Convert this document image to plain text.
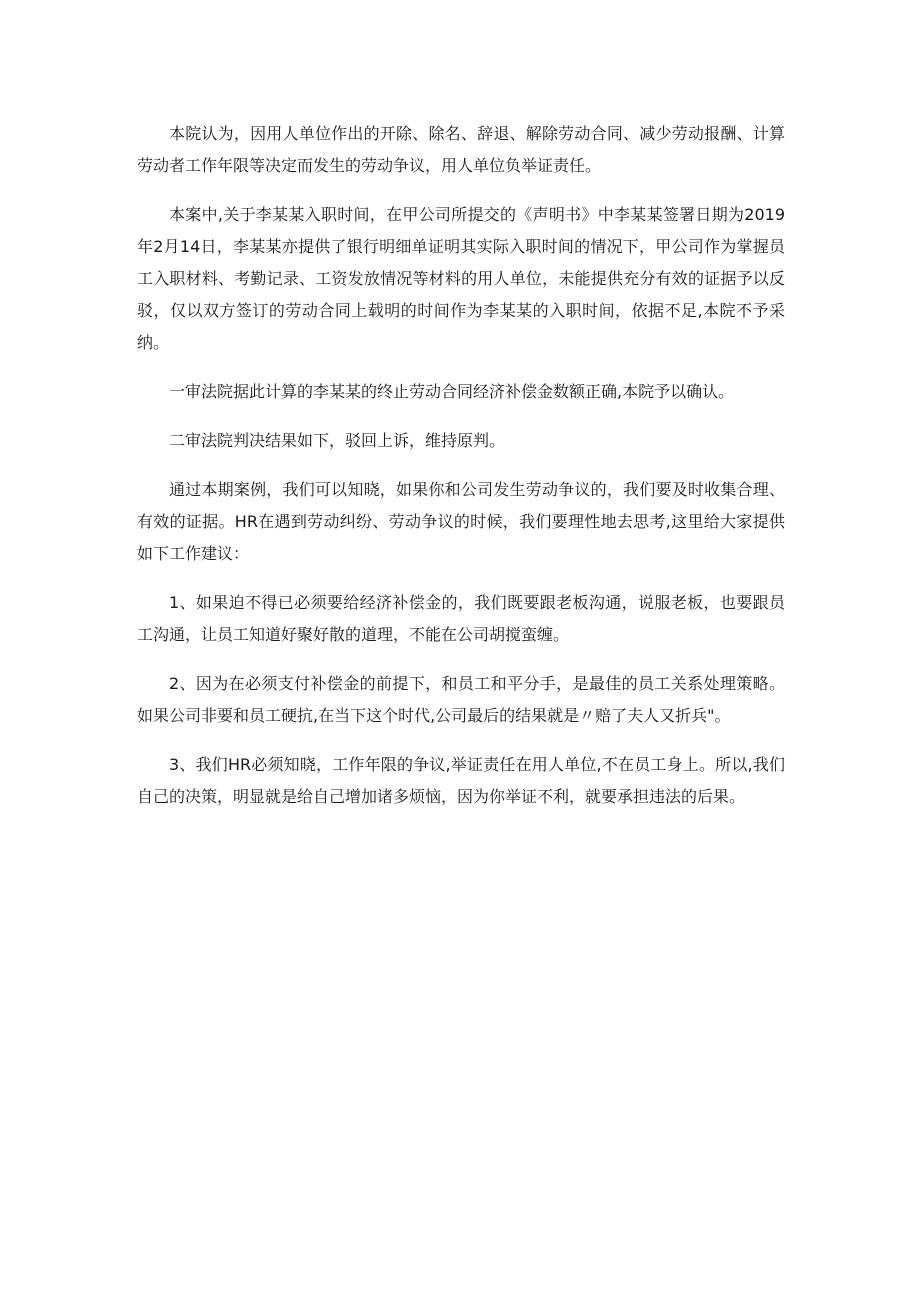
本院认为，因用人单位作出的开除、除名、辞退、解除劳动合同、减少劳动报酬、计算劳动者工作年限等决定而发生的劳动争议，用人单位负举证责任。

本案中,关于李某某入职时间，在甲公司所提交的《声明书》中李某某签署日期为2019年2月14日，李某某亦提供了银行明细单证明其实际入职时间的情况下，甲公司作为掌握员工入职材料、考勤记录、工资发放情况等材料的用人单位，未能提供充分有效的证据予以反驳，仅以双方签订的劳动合同上载明的时间作为李某某的入职时间，依据不足,本院不予采纳。

一审法院据此计算的李某某的终止劳动合同经济补偿金数额正确,本院予以确认。

二审法院判决结果如下，驳回上诉，维持原判。

通过本期案例，我们可以知晓，如果你和公司发生劳动争议的，我们要及时收集合理、有效的证据。HR在遇到劳动纠纷、劳动争议的时候，我们要理性地去思考,这里给大家提供如下工作建议：

1、如果迫不得已必须要给经济补偿金的，我们既要跟老板沟通，说服老板，也要跟员工沟通，让员工知道好聚好散的道理，不能在公司胡搅蛮缠。

2、因为在必须支付补偿金的前提下，和员工和平分手，是最佳的员工关系处理策略。如果公司非要和员工硬抗,在当下这个时代,公司最后的结果就是〃赔了夫人又折兵"。

3、我们HR必须知晓，工作年限的争议,举证责任在用人单位,不在员工身上。所以,我们自己的决策，明显就是给自己增加诸多烦恼，因为你举证不利，就要承担违法的后果。
